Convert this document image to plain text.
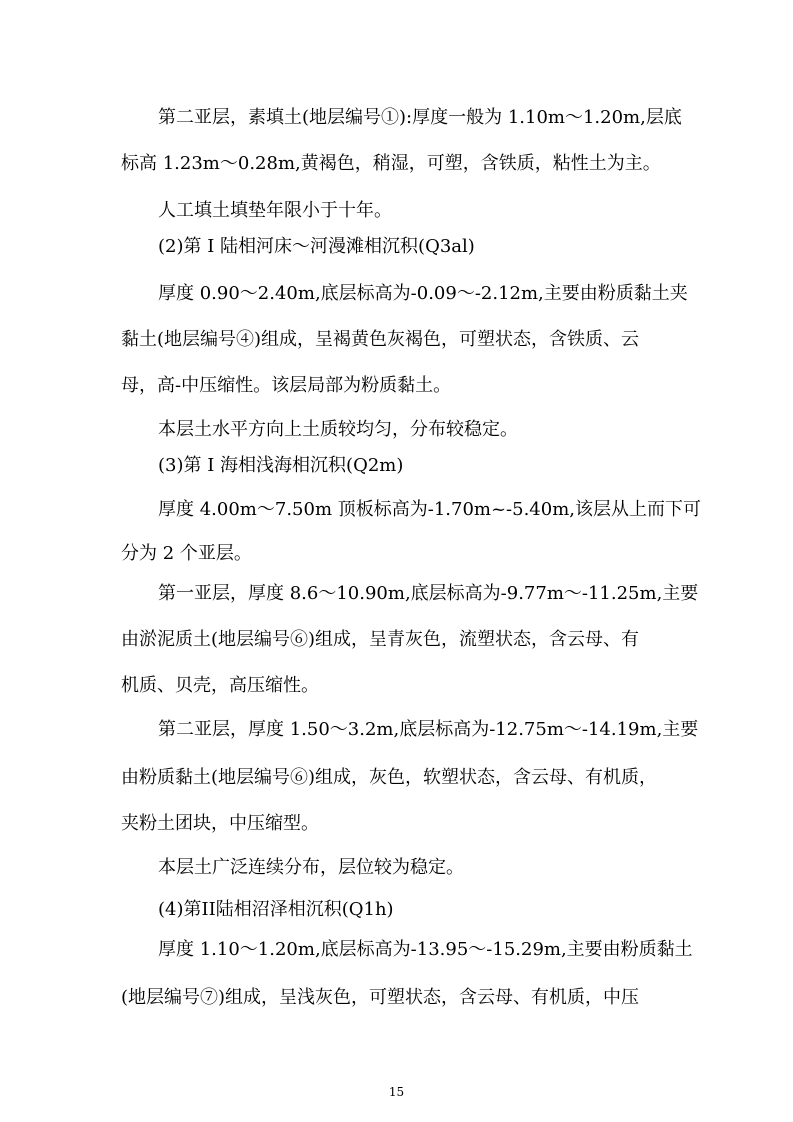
第二亚层，素填土(地层编号①):厚度一般为 1.10m～1.20m,层底
标高 1.23m～0.28m,黄褐色，稍湿，可塑，含铁质，粘性土为主。
人工填土填垫年限小于十年。
(2)第 I 陆相河床～河漫滩相沉积(Q3al)
厚度 0.90～2.40m,底层标高为-0.09～-2.12m,主要由粉质黏土夹
黏土(地层编号④)组成，呈褐黄色灰褐色，可塑状态，含铁质、云
母，高-中压缩性。该层局部为粉质黏土。
本层土水平方向上土质较均匀，分布较稳定。
(3)第 I 海相浅海相沉积(Q2m)
厚度 4.00m～7.50m 顶板标高为-1.70m~-5.40m,该层从上而下可
分为 2 个亚层。
第一亚层，厚度 8.6～10.90m,底层标高为-9.77m～-11.25m,主要
由淤泥质土(地层编号⑥)组成，呈青灰色，流塑状态，含云母、有
机质、贝壳，高压缩性。
第二亚层，厚度 1.50～3.2m,底层标高为-12.75m～-14.19m,主要
由粉质黏土(地层编号⑥)组成，灰色，软塑状态，含云母、有机质，
夹粉土团块，中压缩型。
本层土广泛连续分布，层位较为稳定。
(4)第II陆相沼泽相沉积(Q1h)
厚度 1.10～1.20m,底层标高为-13.95～-15.29m,主要由粉质黏土
(地层编号⑦)组成，呈浅灰色，可塑状态，含云母、有机质，中压
15
